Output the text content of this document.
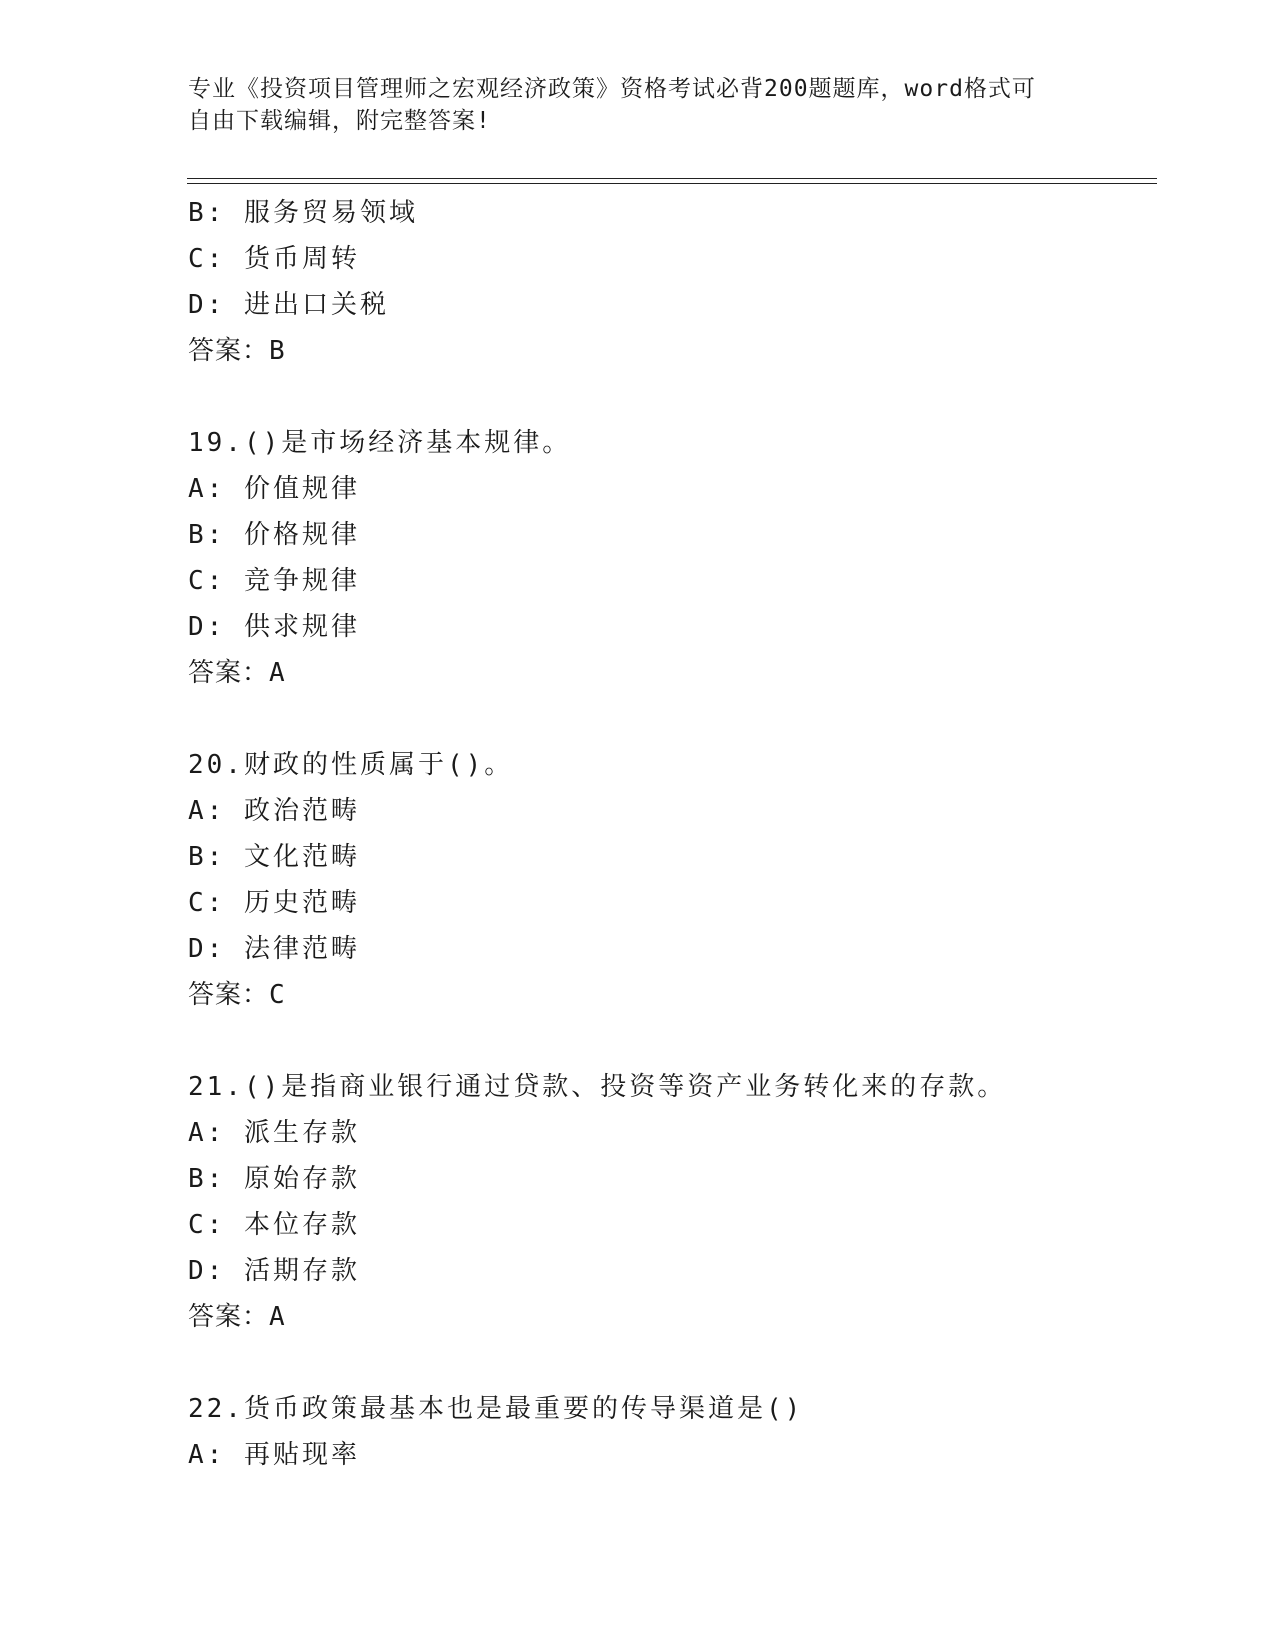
专业《投资项目管理师之宏观经济政策》资格考试必背200题题库，word格式可
自由下载编辑，附完整答案!
B: 服务贸易领域
C: 货币周转
D: 进出口关税
答案：B
19.()是市场经济基本规律。
A: 价值规律
B: 价格规律
C: 竞争规律
D: 供求规律
答案：A
20.财政的性质属于()。
A: 政治范畴
B: 文化范畴
C: 历史范畴
D: 法律范畴
答案：C
21.()是指商业银行通过贷款、投资等资产业务转化来的存款。
A: 派生存款
B: 原始存款
C: 本位存款
D: 活期存款
答案：A
22.货币政策最基本也是最重要的传导渠道是()
A: 再贴现率
